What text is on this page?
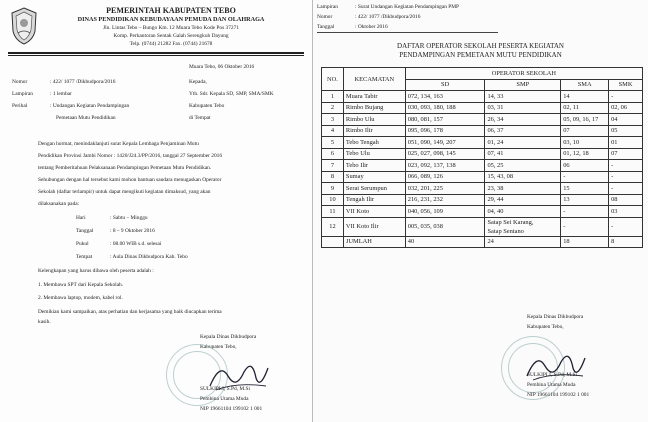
PEMERINTAH KABUPATEN TEBO
DINAS PENDIDIKAN KEBUDAYAAN PEMUDA DAN OLAHRAGA
Jln. Lintas Tebo – Bungo Km. 12 Muara Tebo Kode Pos 37271
Komp. Perkantoran Sentak Galah Serengkuh Dayung
Telp. (0744) 21282 Fax. (0744) 21678
Muara Tebo, 06 Oktober 2016
Nomor	: 422/ 1077 /Dikbudpora/2016
Lampiran	: 1 lembar
Perihal	: Undangan Kegiatan Pendampingan
Pemetaan Mutu Pendidikan
Kepada,
Yth. Sdr. Kepala SD, SMP, SMA/SMK
Kabupaten Tebo
di Tempat
Dengan hormat, menindaklanjuti surat Kepala Lembaga Penjaminan Mutu
Pendidikan Provinsi Jambi Nomor : 1420/J24.3/PP/2016, tanggal 27 September 2016
tentang Pemberitahuan Pelaksanaan Pendampingan Pemetaan Mutu Pendidikan.
Sehubungan dengan hal tersebut kami mohon bantuan saudara menugaskan Operator
Sekolah (daftar terlampir) untuk dapat mengikuti kegiatan dimaksud, yang akan
dilaksanakan pada:
Hari	: Sabtu – Minggu
Tanggal	: 8 – 9 Oktober 2016
Pukul	: 08.00 WIB s.d. selesai
Tempat	: Aula Dinas Dikbudpora Kab. Tebo
Kelengkapan yang harus dibawa oleh peserta adalah :
1. Membawa SPT dari Kepala Sekolah.
2. Membawa laptop, modem, kabel rol.
Demikian kami sampaikan, atas perhatian dan kerjasama yang baik diucapkan terima
kasih.
Kepala Dinas Dikbudpora
Kabupaten Tebo,
SULKIPLI, S.Pd, M.Si
Pembina Utama Muda
NIP 19661104 199102 1 001
Lampiran	: Surat Undangan Kegiatan Pendampingan PMP
Nomor	: 422/ 1077 /Dikbudpora/2016
Tanggal	: Oktober 2016
DAFTAR OPERATOR SEKOLAH PESERTA KEGIATAN
PENDAMPINGAN PEMETAAN MUTU PENDIDIKAN
NO.	KECAMATAN	OPERATOR SEKOLAH			
		SD	SMP	SMA	SMK
1	Muara Tabir	072, 134, 163	14, 33	14	-
2	Rimbo Bujang	030, 093, 180, 188	03, 31	02, 11	02, 06
3	Rimbo Ulu	080, 081, 157	26, 34	05, 09, 16, 17	04
4	Rimbo Ilir	095, 096, 178	06, 37	07	05
5	Tebo Tengah	051, 090, 149, 207	01, 24	03, 10	01
6	Tebo Ulu	025, 027, 098, 145	07, 41	01, 12, 18	07
7	Tebo Ilir	023, 092, 137, 138	05, 25	06	-
8	Sumay	066, 089, 126	15, 43, 08	-	-
9	Serai Serumpun	032, 201, 225	23, 38	15	-
10	Tengah Ilir	216, 231, 232	29, 44	13	08
11	VII Koto	040, 056, 109	04, 40	-	03
12	VII Koto Ilir	005, 035, 038	Satap Sei Karang,
Satap Sentano	-	-
	JUMLAH	40	24	18	8
Kepala Dinas Dikbudpora
Kabupaten Tebo,
SULKIPLI, S.Pd, M.Si
Pembina Utama Muda
NIP 19661104 199102 1 001
